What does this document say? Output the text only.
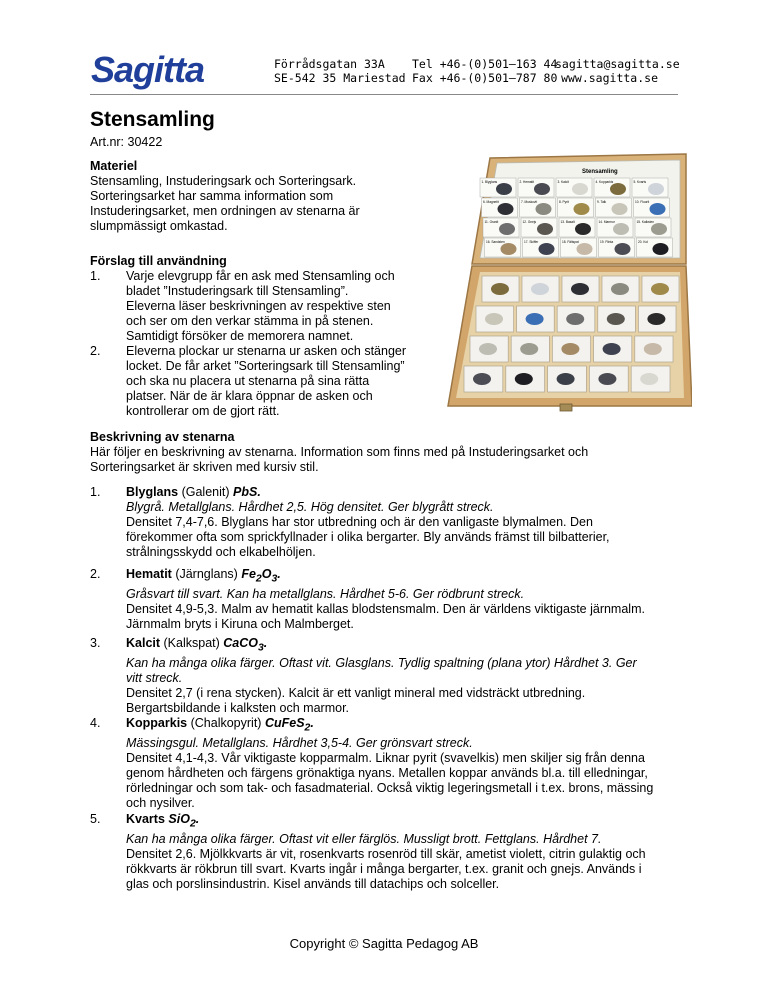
Sagitta	Förrådsgatan 33A
SE-542 35 Mariestad
Tel +46-(0)501–163 44
Fax +46-(0)501–787 80
sagitta@sagitta.se
www.sagitta.se
Stensamling
Art.nr: 30422
Materiel
Stensamling, Instuderingsark och Sorteringsark.
Sorteringsarket har samma information som
Instuderingsarket, men ordningen av stenarna är
slumpmässigt omkastad.
Förslag till användning
1. Varje elevgrupp får en ask med Stensamling och
bladet ”Instuderingsark till Stensamling”.
Eleverna läser beskrivningen av respektive sten
och ser om den verkar stämma in på stenen.
Samtidigt försöker de memorera namnet.
2. Eleverna plockar ur stenarna ur asken och stänger
locket. De får arket ”Sorteringsark till Stensamling”
och ska nu placera ut stenarna på sina rätta
platser. När de är klara öppnar de asken och
kontrollerar om de gjort rätt.
Stensamling
1. Blyglans	2. Hematit	3. Kalcit	4. Kopparkis	5. Kvarts
6. Magnetit	7. Muskovit	8. Pyrit	9. Talk	10. Fluorit
11. Granit	12. Gnejs	13. Basalt	14. Marmor	15. Kalksten
16. Sandsten	17. Skiffer	18. Fältspat	19. Flinta	20. Kol
Beskrivning av stenarna
Här följer en beskrivning av stenarna. Information som finns med på Instuderingsarket och
Sorteringsarket är skriven med kursiv stil.
1. Blyglans (Galenit) PbS.
Blygrå. Metallglans. Hårdhet 2,5. Hög densitet. Ger blygrått streck.
Densitet 7,4-7,6. Blyglans har stor utbredning och är den vanligaste blymalmen. Den
förekommer ofta som sprickfyllnader i olika bergarter. Bly används främst till bilbatterier,
strålningsskydd och elkabelhöljen.
2. Hematit (Järnglans) $Fe_2O_3$.
Gråsvart till svart. Kan ha metallglans. Hårdhet 5-6. Ger rödbrunt streck.
Densitet 4,9-5,3. Malm av hematit kallas blodstensmalm. Den är världens viktigaste järnmalm.
Järnmalm bryts i Kiruna och Malmberget.
3. Kalcit (Kalkspat) CaCO$_3$.
Kan ha många olika färger. Oftast vit. Glasglans. Tydlig spaltning (plana ytor) Hårdhet 3. Ger
vitt streck.
Densitet 2,7 (i rena stycken). Kalcit är ett vanligt mineral med vidsträckt utbredning.
Bergartsbildande i kalksten och marmor.
4. Kopparkis (Chalkopyrit) CuFeS$_2$.
Mässingsgul. Metallglans. Hårdhet 3,5-4. Ger grönsvart streck.
Densitet 4,1-4,3. Vår viktigaste kopparmalm. Liknar pyrit (svavelkis) men skiljer sig från denna
genom hårdheten och färgens grönaktiga nyans. Metallen koppar används bl.a. till elledningar,
rörledningar och som tak- och fasadmaterial. Också viktig legeringsmetall i t.ex. brons, mässing
och nysilver.
5. Kvarts SiO$_2$.
Kan ha många olika färger. Oftast vit eller färglös. Mussligt brott. Fettglans. Hårdhet 7.
Densitet 2,6. Mjölkkvarts är vit, rosenkvarts rosenröd till skär, ametist violett, citrin gulaktig och
rökkvarts är rökbrun till svart. Kvarts ingår i många bergarter, t.ex. granit och gnejs. Används i
glas och porslinsindustrin. Kisel används till datachips och solceller.
Copyright © Sagitta Pedagog AB
